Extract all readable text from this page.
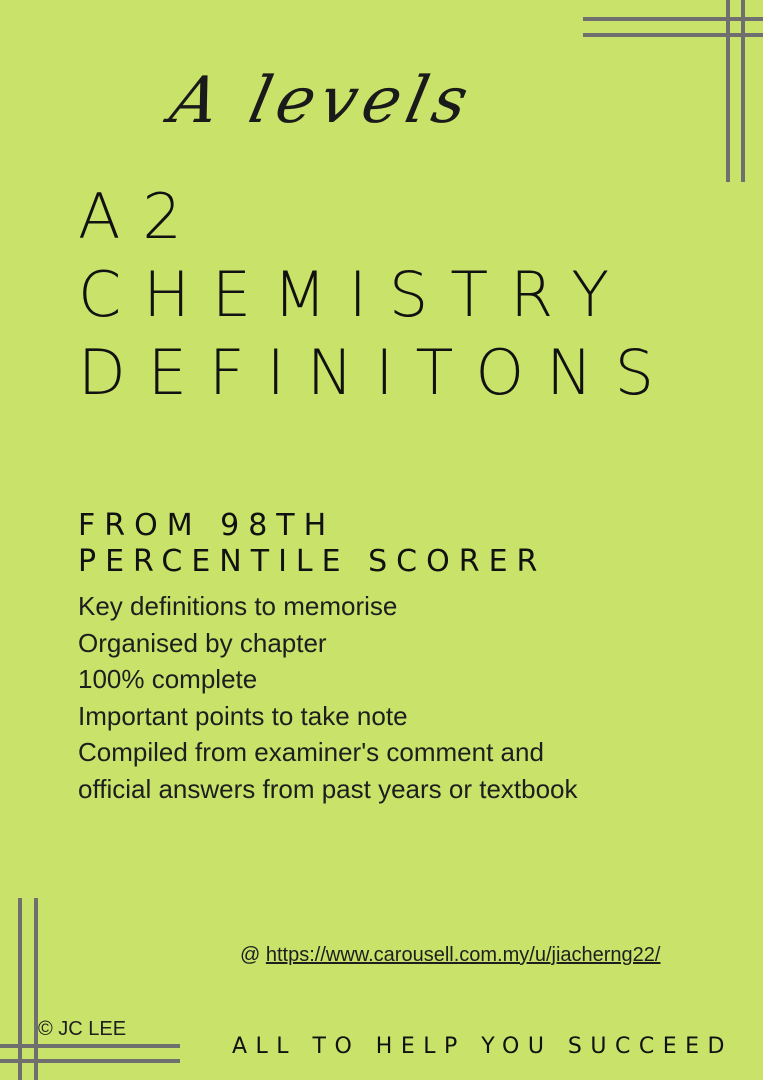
A levels
A2
CHEMISTRY
DEFINITONS
FROM 98TH
PERCENTILE SCORER
Key definitions to memorise
Organised by chapter
100% complete
Important points to take note
Compiled from examiner's comment and
official answers from past years or textbook
@ https://www.carousell.com.my/u/jiacherng22/
© JC LEE
ALL TO HELP YOU SUCCEED
